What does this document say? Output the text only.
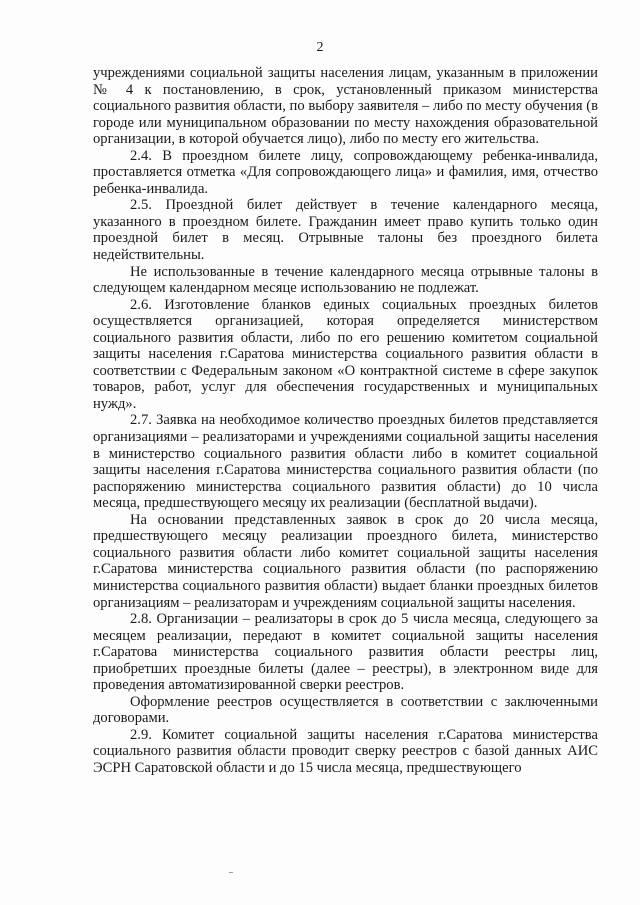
2

учреждениями социальной защиты населения лицам, указанным в приложении № 4 к постановлению, в срок, установленный приказом министерства социального развития области, по выбору заявителя – либо по месту обучения (в городе или муниципальном образовании по месту нахождения образовательной организации, в которой обучается лицо), либо по месту его жительства.

2.4. В проездном билете лицу, сопровождающему ребенка-инвалида, проставляется отметка «Для сопровождающего лица» и фамилия, имя, отчество ребенка-инвалида.

2.5. Проездной билет действует в течение календарного месяца, указанного в проездном билете. Гражданин имеет право купить только один проездной билет в месяц. Отрывные талоны без проездного билета недействительны.

Не использованные в течение календарного месяца отрывные талоны в следующем календарном месяце использованию не подлежат.

2.6. Изготовление бланков единых социальных проездных билетов осуществляется организацией, которая определяется министерством социального развития области, либо по его решению комитетом социальной защиты населения г.Саратова министерства социального развития области в соответствии с Федеральным законом «О контрактной системе в сфере закупок товаров, работ, услуг для обеспечения государственных и муниципальных нужд».

2.7. Заявка на необходимое количество проездных билетов представляется организациями – реализаторами и учреждениями социальной защиты населения в министерство социального развития области либо в комитет социальной защиты населения г.Саратова министерства социального развития области (по распоряжению министерства социального развития области) до 10 числа месяца, предшествующего месяцу их реализации (бесплатной выдачи).

На основании представленных заявок в срок до 20 числа месяца, предшествующего месяцу реализации проездного билета, министерство социального развития области либо комитет социальной защиты населения г.Саратова министерства социального развития области (по распоряжению министерства социального развития области) выдает бланки проездных билетов организациям – реализаторам и учреждениям социальной защиты населения.

2.8. Организации – реализаторы в срок до 5 числа месяца, следующего за месяцем реализации, передают в комитет социальной защиты населения г.Саратова министерства социального развития области реестры лиц, приобретших проездные билеты (далее – реестры), в электронном виде для проведения автоматизированной сверки реестров.

Оформление реестров осуществляется в соответствии с заключенными договорами.

2.9. Комитет социальной защиты населения г.Саратова министерства социального развития области проводит сверку реестров с базой данных АИС ЭСРН Саратовской области и до 15 числа месяца, предшествующего
